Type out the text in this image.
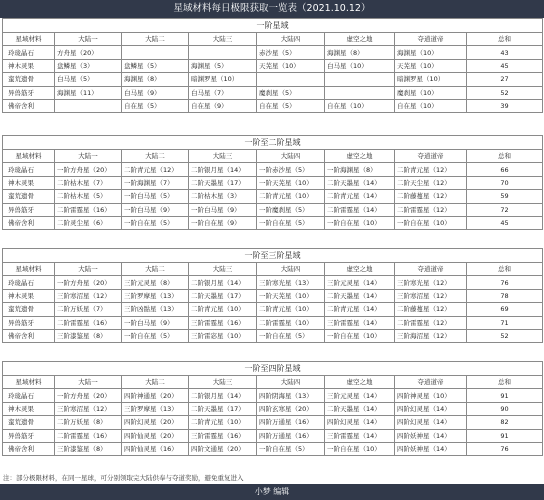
星域材料每日极限获取一览表（2021.10.12）
一阶星域							
星域材料	大陆一	大陆二	大陆三	大陆四	虚空之地	夺道道帝	总和
玲珑晶石	方舟星（20）			赤沙星（5）	海渊星（8）	海渊星（10）	43
神木灵果	盘鳞星（3）	盘鳞星（5）	海渊星（5）	天芜星（10）	白马星（10）	天芜星（10）	45
蛮荒遗骨	白马星（5）	海渊星（8）	暗渊罗星（10）			暗渊罗星（10）	27
异兽筋牙	海渊星（11）	白马星（9）	白马星（7）	魔刹星（5）		魔刹星（10）	52
佛帝舍利		自在星（5）	自在星（9）	自在星（5）	自在星（10）	自在星（10）	39
一阶至二阶星域							
星域材料	大陆一	大陆二	大陆三	大陆四	虚空之地	夺道道帝	总和
玲珑晶石	一阶方舟星（20）	二阶青元星（12）	二阶银月星（14）	一阶赤沙星（5）	一阶海渊星（8）	二阶青元星（12）	66
神木灵果	二阶枯木星（7）	一阶海渊星（7）	二阶天墨星（17）	一阶天芜星（10）	二阶天墨星（14）	二阶天尘星（12）	70
蛮荒遗骨	二阶枯木星（5）	一阶白马星（5）	二阶枯木星（3）	二阶青元星（10）	二阶青元星（14）	二阶藤蔓星（12）	59
异兽筋牙	二阶雷霆星（16）	一阶白马星（9）	一阶白马星（9）	一阶魔刹星（5）	二阶雷霆星（14）	二阶雷霆星（12）	72
佛帝舍利	二阶灵尘星（6）	一阶自在星（5）	一阶自在星（9）	一阶自在星（5）	一阶自在星（10）	一阶自在星（10）	45
一阶至三阶星域							
星域材料	大陆一	大陆二	大陆三	大陆四	虚空之地	夺道道帝	总和
玲珑晶石	一阶方舟星（20）	三阶元灵星（8）	二阶银月星（14）	三阶寒光星（13）	三阶元灵星（14）	三阶寒光星（12）	76
神木灵果	三阶寒沼星（12）	三阶罗摩星（13）	二阶天墨星（17）	一阶天芜星（10）	二阶天墨星（14）	三阶寒沼星（12）	78
蛮荒遗骨	二阶万妖星（7）	三阶凶骷星（13）	二阶青元星（10）	二阶青元星（10）	二阶青元星（14）	二阶藤蔓星（12）	69
异兽筋牙	二阶雷霆星（16）	一阶白马星（9）	三阶雷霆星（16）	二阶雷霆星（10）	三阶雷霆星（14）	二阶雷霆星（12）	71
佛帝舍利	三阶漆鉴星（8）	一阶自在星（5）	三阶雷宓星（10）	一阶自在星（5）	一阶自在星（10）	三阶海沼星（12）	52
一阶至四阶星域							
星域材料	大陆一	大陆二	大陆三	大陆四	虚空之地	夺道道帝	总和
玲珑晶石	一阶方舟星（20）	四阶神通星（20）	二阶银月星（14）	四阶阴海星（13）	三阶元灵星（14）	四阶神灵星（10）	91
神木灵果	三阶寒沼星（12）	三阶罗摩星（13）	二阶天墨星（17）	四阶玄寒星（20）	二阶天墨星（14）	四阶幻灵星（14）	90
蛮荒遗骨	二阶万妖星（8）	四阶幻灵星（20）	二阶青元星（10）	四阶万通星（16）	四阶幻灵星（14）	四阶幻灵星（14）	82
异兽筋牙	二阶雷霆星（16）	四阶仙灵星（20）	三阶雷霆星（16）	四阶万通星（16）	三阶雷霆星（14）	四阶妖神星（14）	91
佛帝舍利	三阶漆鉴星（8）	四阶仙灵星（16）	四阶文通星（20）	一阶自在星（5）	一阶自在星（10）	四阶妖神星（14）	76
注：部分极限材料，在同一星球，可分别领取完大陆供奉与夺道奖励，避免重复进入
小梦 编辑
